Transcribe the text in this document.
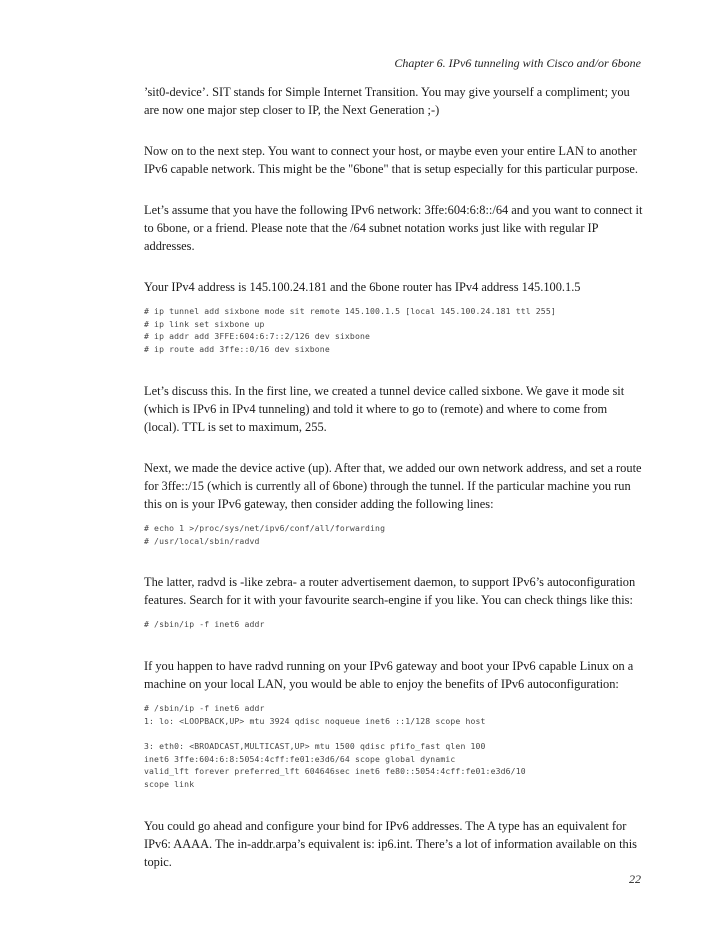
Chapter 6. IPv6 tunneling with Cisco and/or 6bone

’sit0-device’. SIT stands for Simple Internet Transition. You may give yourself a compliment; you are now one major step closer to IP, the Next Generation ;-)

Now on to the next step. You want to connect your host, or maybe even your entire LAN to another IPv6 capable network. This might be the "6bone" that is setup especially for this particular purpose.

Let’s assume that you have the following IPv6 network: 3ffe:604:6:8::/64 and you want to connect it to 6bone, or a friend. Please note that the /64 subnet notation works just like with regular IP addresses.

Your IPv4 address is 145.100.24.181 and the 6bone router has IPv4 address 145.100.1.5

# ip tunnel add sixbone mode sit remote 145.100.1.5 [local 145.100.24.181 ttl 255]
# ip link set sixbone up
# ip addr add 3FFE:604:6:7::2/126 dev sixbone
# ip route add 3ffe::0/16 dev sixbone

Let’s discuss this. In the first line, we created a tunnel device called sixbone. We gave it mode sit (which is IPv6 in IPv4 tunneling) and told it where to go to (remote) and where to come from (local). TTL is set to maximum, 255.

Next, we made the device active (up). After that, we added our own network address, and set a route for 3ffe::/15 (which is currently all of 6bone) through the tunnel. If the particular machine you run this on is your IPv6 gateway, then consider adding the following lines:

# echo 1 >/proc/sys/net/ipv6/conf/all/forwarding
# /usr/local/sbin/radvd

The latter, radvd is -like zebra- a router advertisement daemon, to support IPv6’s autoconfiguration features. Search for it with your favourite search-engine if you like. You can check things like this:

# /sbin/ip -f inet6 addr

If you happen to have radvd running on your IPv6 gateway and boot your IPv6 capable Linux on a machine on your local LAN, you would be able to enjoy the benefits of IPv6 autoconfiguration:

# /sbin/ip -f inet6 addr
1: lo: <LOOPBACK,UP> mtu 3924 qdisc noqueue inet6 ::1/128 scope host

3: eth0: <BROADCAST,MULTICAST,UP> mtu 1500 qdisc pfifo_fast qlen 100
inet6 3ffe:604:6:8:5054:4cff:fe01:e3d6/64 scope global dynamic
valid_lft forever preferred_lft 604646sec inet6 fe80::5054:4cff:fe01:e3d6/10
scope link

You could go ahead and configure your bind for IPv6 addresses. The A type has an equivalent for IPv6: AAAA. The in-addr.arpa’s equivalent is: ip6.int. There’s a lot of information available on this topic.

22
